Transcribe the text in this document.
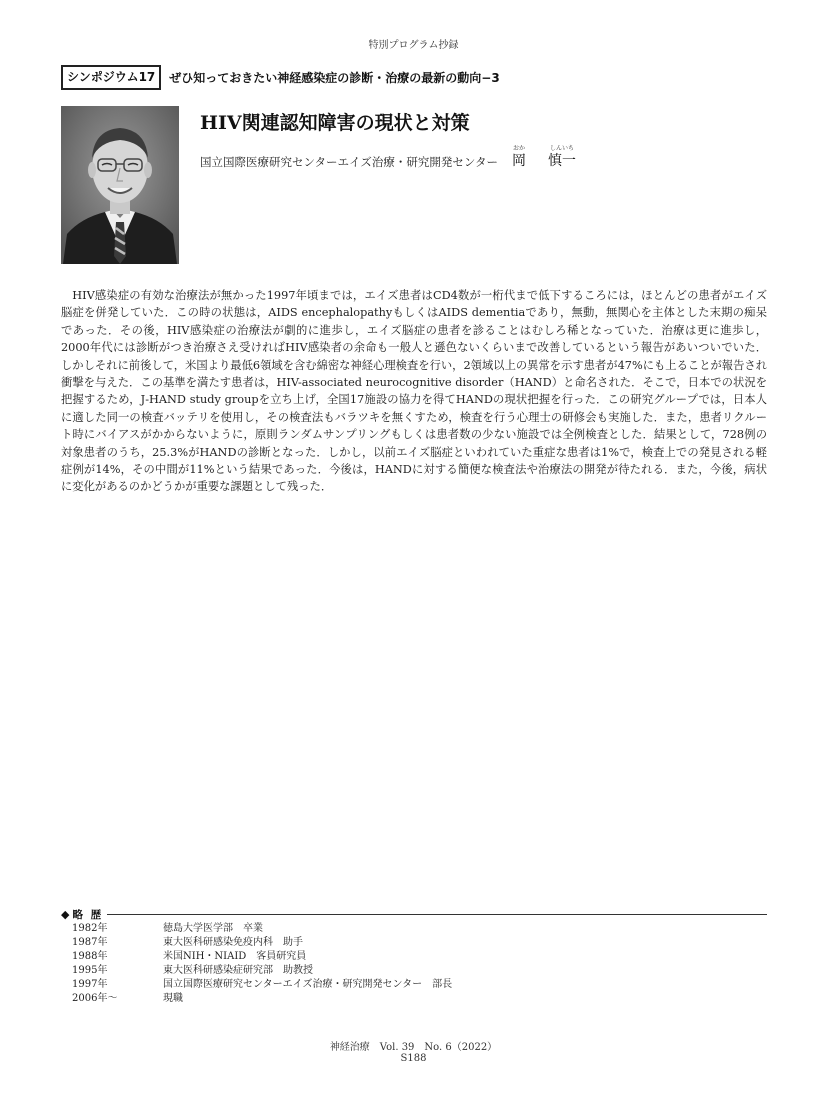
特別プログラム抄録
シンポジウム17	ぜひ知っておきたい神経感染症の診断・治療の最新の動向−3
HIV関連認知障害の現状と対策
国立国際医療研究センターエイズ治療・研究開発センター
おか
岡
しんいち
慎一

HIV感染症の有効な治療法が無かった1997年頃までは，エイズ患者はCD4数が一桁代まで低下するころには，ほとんどの患者がエイズ脳症を併発していた．この時の状態は，AIDS encephalopathyもしくはAIDS dementiaであり，無動，無関心を主体とした末期の痴呆であった．その後，HIV感染症の治療法が劇的に進歩し，エイズ脳症の患者を診ることはむしろ稀となっていた．治療は更に進歩し，2000年代には診断がつき治療さえ受ければHIV感染者の余命も一般人と遜色ないくらいまで改善しているという報告があいついでいた．しかしそれに前後して，米国より最低6領域を含む綿密な神経心理検査を行い，2領域以上の異常を示す患者が47%にも上ることが報告され衝撃を与えた．この基準を満たす患者は，HIV-associated neurocognitive disorder（HAND）と命名された．そこで，日本での状況を把握するため，J-HAND study groupを立ち上げ，全国17施設の協力を得てHANDの現状把握を行った．この研究グループでは，日本人に適した同一の検査バッテリを使用し，その検査法もバラツキを無くすため，検査を行う心理士の研修会も実施した．また，患者リクルート時にバイアスがかからないように，原則ランダムサンプリングもしくは患者数の少ない施設では全例検査とした．結果として，728例の対象患者のうち，25.3%がHANDの診断となった．しかし，以前エイズ脳症といわれていた重症な患者は1%で，検査上での発見される軽症例が14%，その中間が11%という結果であった．今後は，HANDに対する簡便な検査法や治療法の開発が待たれる．また，今後，病状に変化があるのかどうかが重要な課題として残った．

◆ 略 歴
1982年	徳島大学医学部　卒業
1987年	東大医科研感染免疫内科　助手
1988年	米国NIH・NIAID　客員研究員
1995年	東大医科研感染症研究部　助教授
1997年	国立国際医療研究センターエイズ治療・研究開発センター　部長
2006年〜	現職
神経治療　Vol. 39　No. 6（2022）
S188
